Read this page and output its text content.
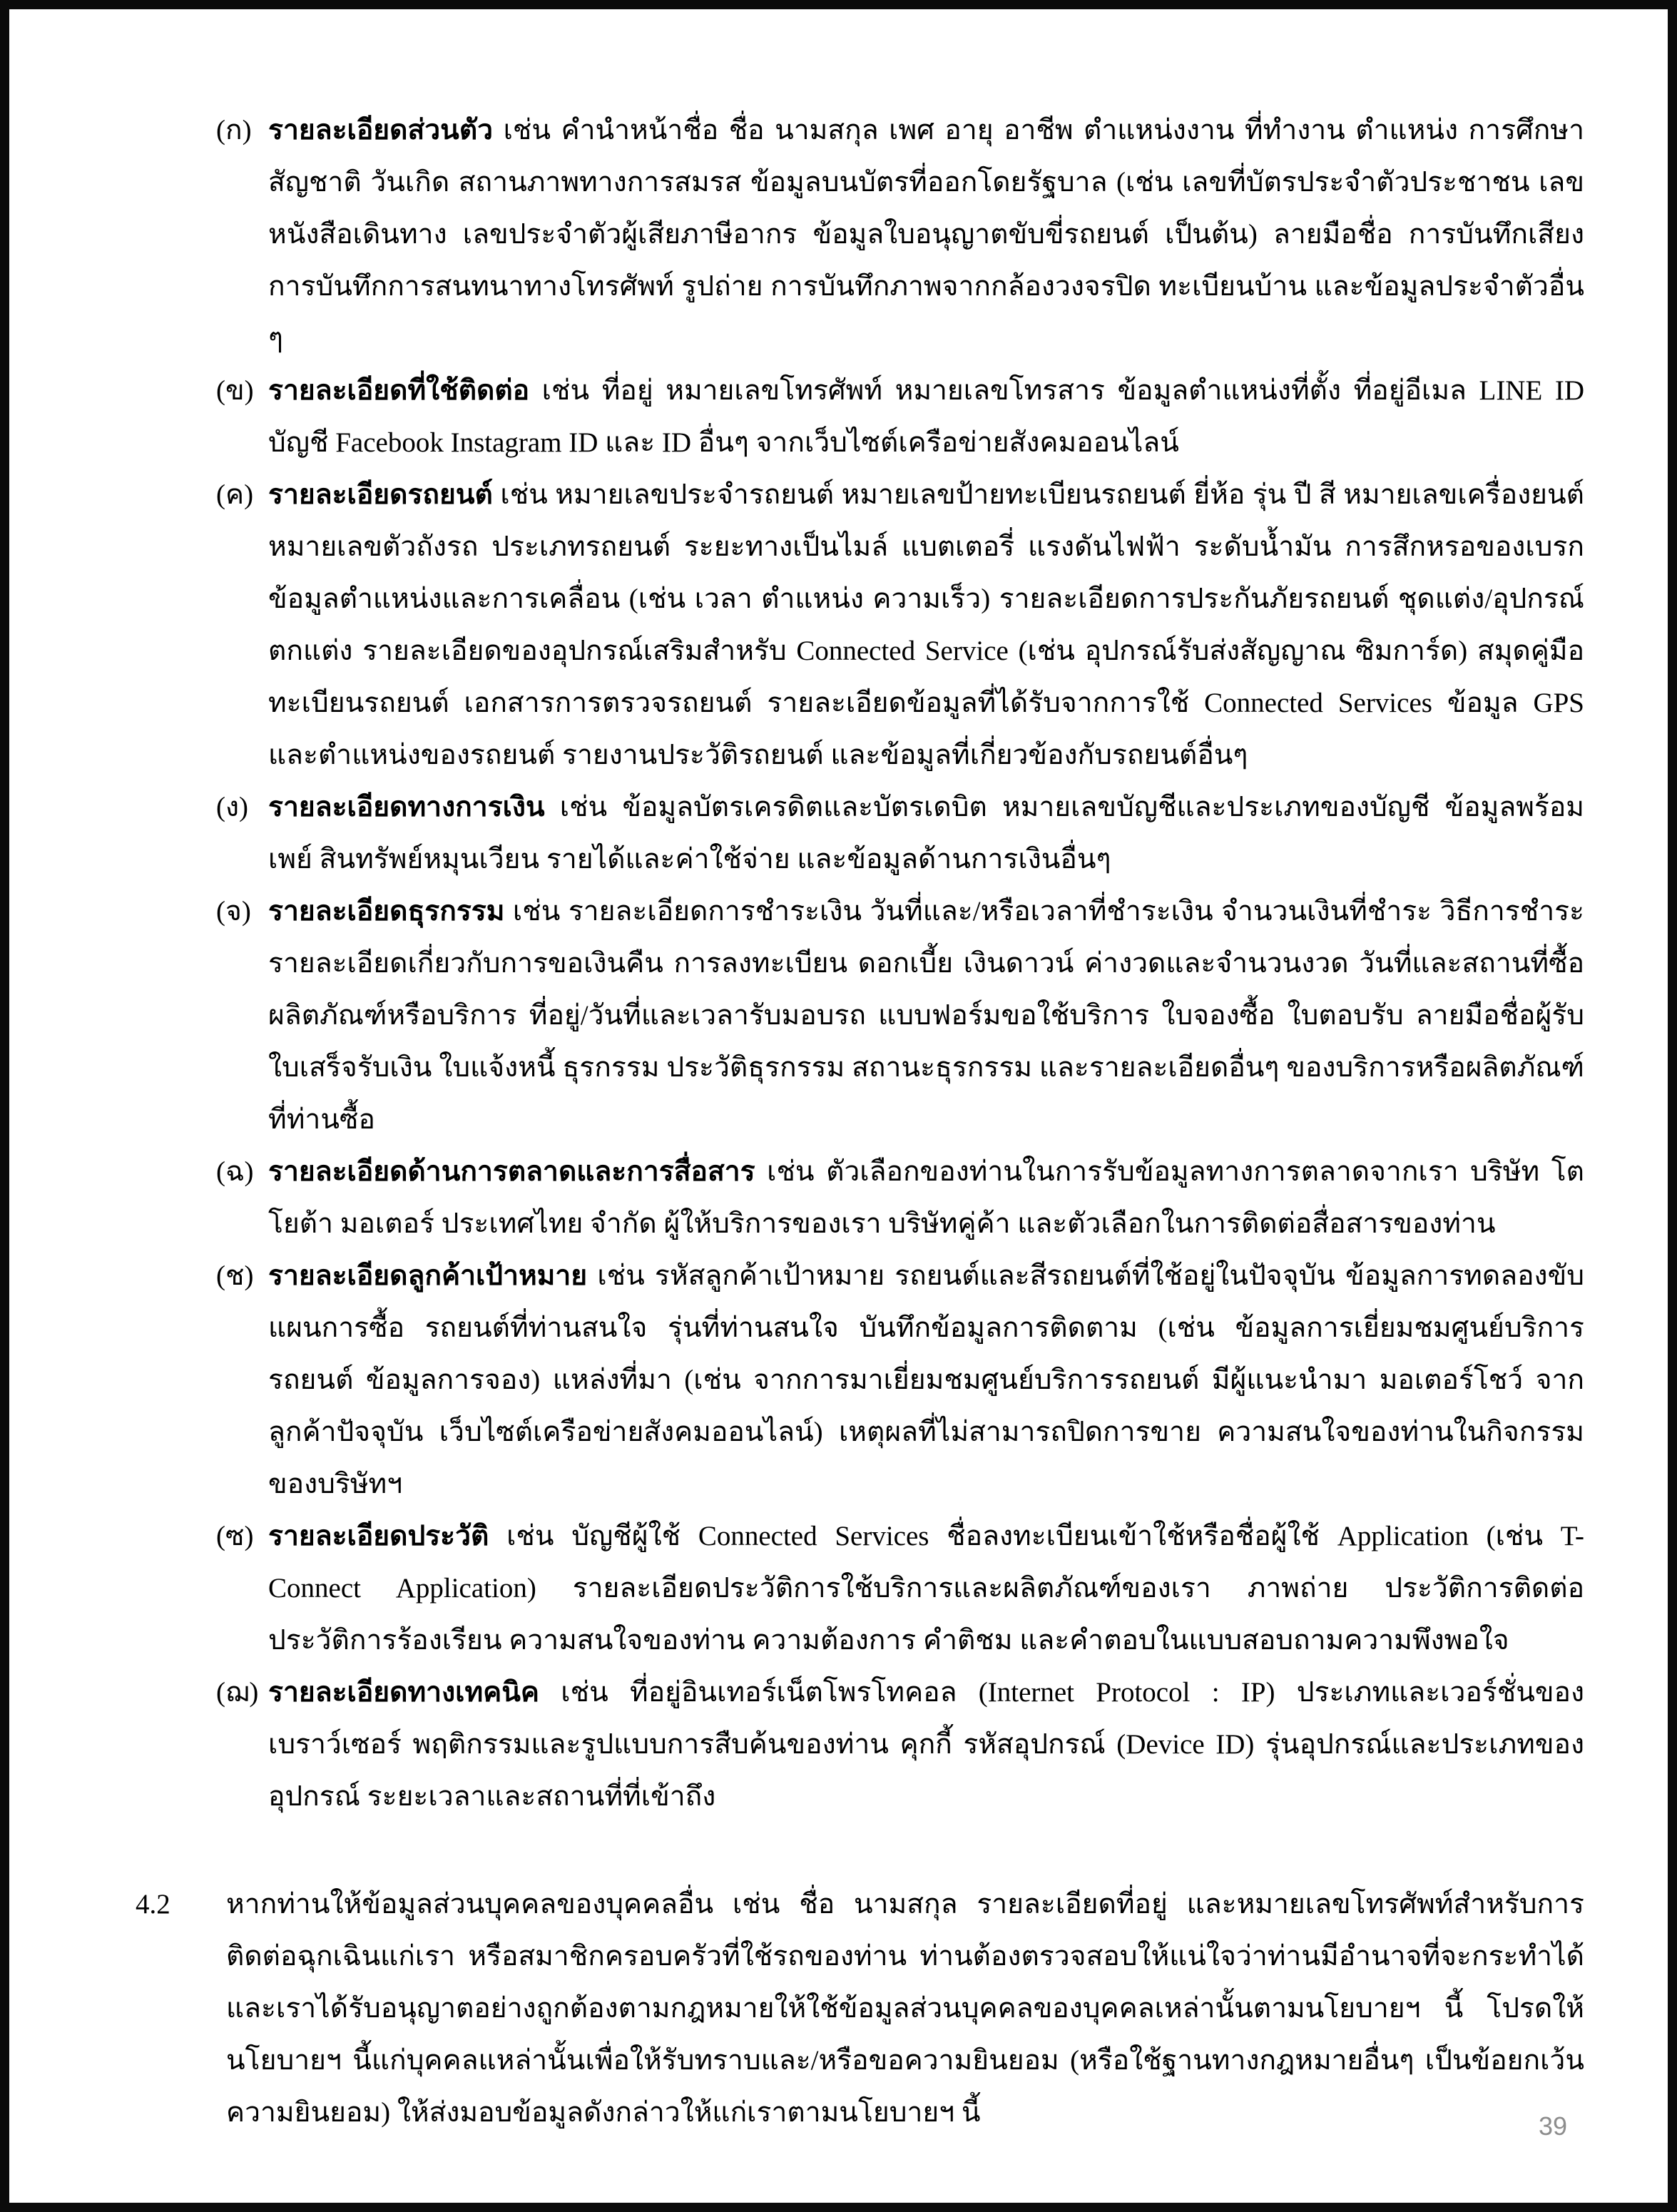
(ก) รายละเอียดส่วนตัว เช่น คำนำหน้าชื่อ ชื่อ นามสกุล เพศ อายุ อาชีพ ตำแหน่งงาน ที่ทำงาน ตำแหน่ง การศึกษา สัญชาติ วันเกิด สถานภาพทางการสมรส ข้อมูลบนบัตรที่ออกโดยรัฐบาล (เช่น เลขที่บัตรประจำตัวประชาชน เลขหนังสือเดินทาง เลขประจำตัวผู้เสียภาษีอากร ข้อมูลใบอนุญาตขับขี่รถยนต์ เป็นต้น) ลายมือชื่อ การบันทึกเสียง การบันทึกการสนทนาทางโทรศัพท์ รูปถ่าย การบันทึกภาพจากกล้องวงจรปิด ทะเบียนบ้าน และข้อมูลประจำตัวอื่น ๆ

(ข) รายละเอียดที่ใช้ติดต่อ เช่น ที่อยู่ หมายเลขโทรศัพท์ หมายเลขโทรสาร ข้อมูลตำแหน่งที่ตั้ง ที่อยู่อีเมล LINE ID บัญชี Facebook Instagram ID และ ID อื่นๆ จากเว็บไซต์เครือข่ายสังคมออนไลน์

(ค) รายละเอียดรถยนต์ เช่น หมายเลขประจำรถยนต์ หมายเลขป้ายทะเบียนรถยนต์ ยี่ห้อ รุ่น ปี สี หมายเลขเครื่องยนต์ หมายเลขตัวถังรถ ประเภทรถยนต์ ระยะทางเป็นไมล์ แบตเตอรี่ แรงดันไฟฟ้า ระดับน้ำมัน การสึกหรอของเบรก ข้อมูลตำแหน่งและการเคลื่อน (เช่น เวลา ตำแหน่ง ความเร็ว) รายละเอียดการประกันภัยรถยนต์ ชุดแต่ง/อุปกรณ์ตกแต่ง รายละเอียดของอุปกรณ์เสริมสำหรับ Connected Service (เช่น อุปกรณ์รับส่งสัญญาณ ซิมการ์ด) สมุดคู่มือทะเบียนรถยนต์ เอกสารการตรวจรถยนต์ รายละเอียดข้อมูลที่ได้รับจากการใช้ Connected Services ข้อมูล GPS และตำแหน่งของรถยนต์ รายงานประวัติรถยนต์ และข้อมูลที่เกี่ยวข้องกับรถยนต์อื่นๆ

(ง) รายละเอียดทางการเงิน เช่น ข้อมูลบัตรเครดิตและบัตรเดบิต หมายเลขบัญชีและประเภทของบัญชี ข้อมูลพร้อมเพย์ สินทรัพย์หมุนเวียน รายได้และค่าใช้จ่าย และข้อมูลด้านการเงินอื่นๆ

(จ) รายละเอียดธุรกรรม เช่น รายละเอียดการชำระเงิน วันที่และ/หรือเวลาที่ชำระเงิน จำนวนเงินที่ชำระ วิธีการชำระ รายละเอียดเกี่ยวกับการขอเงินคืน การลงทะเบียน ดอกเบี้ย เงินดาวน์ ค่างวดและจำนวนงวด วันที่และสถานที่ซื้อผลิตภัณฑ์หรือบริการ ที่อยู่/วันที่และเวลารับมอบรถ แบบฟอร์มขอใช้บริการ ใบจองซื้อ ใบตอบรับ ลายมือชื่อผู้รับ ใบเสร็จรับเงิน ใบแจ้งหนี้ ธุรกรรม ประวัติธุรกรรม สถานะธุรกรรม และรายละเอียดอื่นๆ ของบริการหรือผลิตภัณฑ์ที่ท่านซื้อ

(ฉ) รายละเอียดด้านการตลาดและการสื่อสาร เช่น ตัวเลือกของท่านในการรับข้อมูลทางการตลาดจากเรา บริษัท โตโยต้า มอเตอร์ ประเทศไทย จำกัด ผู้ให้บริการของเรา บริษัทคู่ค้า และตัวเลือกในการติดต่อสื่อสารของท่าน

(ช) รายละเอียดลูกค้าเป้าหมาย เช่น รหัสลูกค้าเป้าหมาย รถยนต์และสีรถยนต์ที่ใช้อยู่ในปัจจุบัน ข้อมูลการทดลองขับ แผนการซื้อ รถยนต์ที่ท่านสนใจ รุ่นที่ท่านสนใจ บันทึกข้อมูลการติดตาม (เช่น ข้อมูลการเยี่ยมชมศูนย์บริการรถยนต์ ข้อมูลการจอง) แหล่งที่มา (เช่น จากการมาเยี่ยมชมศูนย์บริการรถยนต์ มีผู้แนะนำมา มอเตอร์โชว์ จากลูกค้าปัจจุบัน เว็บไซต์เครือข่ายสังคมออนไลน์) เหตุผลที่ไม่สามารถปิดการขาย ความสนใจของท่านในกิจกรรมของบริษัทฯ

(ซ) รายละเอียดประวัติ เช่น บัญชีผู้ใช้ Connected Services ชื่อลงทะเบียนเข้าใช้หรือชื่อผู้ใช้ Application (เช่น T-Connect Application) รายละเอียดประวัติการใช้บริการและผลิตภัณฑ์ของเรา ภาพถ่าย ประวัติการติดต่อ ประวัติการร้องเรียน ความสนใจของท่าน ความต้องการ คำติชม และคำตอบในแบบสอบถามความพึงพอใจ

(ฌ) รายละเอียดทางเทคนิค เช่น ที่อยู่อินเทอร์เน็ตโพรโทคอล (Internet Protocol : IP) ประเภทและเวอร์ชั่นของเบราว์เซอร์ พฤติกรรมและรูปแบบการสืบค้นของท่าน คุกกี้ รหัสอุปกรณ์ (Device ID) รุ่นอุปกรณ์และประเภทของอุปกรณ์ ระยะเวลาและสถานที่ที่เข้าถึง

4.2	หากท่านให้ข้อมูลส่วนบุคคลของบุคคลอื่น เช่น ชื่อ นามสกุล รายละเอียดที่อยู่ และหมายเลขโทรศัพท์สำหรับการติดต่อฉุกเฉินแก่เรา หรือสมาชิกครอบครัวที่ใช้รถของท่าน ท่านต้องตรวจสอบให้แน่ใจว่าท่านมีอำนาจที่จะกระทำได้และเราได้รับอนุญาตอย่างถูกต้องตามกฎหมายให้ใช้ข้อมูลส่วนบุคคลของบุคคลเหล่านั้นตามนโยบายฯ นี้ โปรดให้นโยบายฯ นี้แก่บุคคลแหล่านั้นเพื่อให้รับทราบและ/หรือขอความยินยอม (หรือใช้ฐานทางกฎหมายอื่นๆ เป็นข้อยกเว้นความยินยอม) ให้ส่งมอบข้อมูลดังกล่าวให้แก่เราตามนโยบายฯ นี้	39
